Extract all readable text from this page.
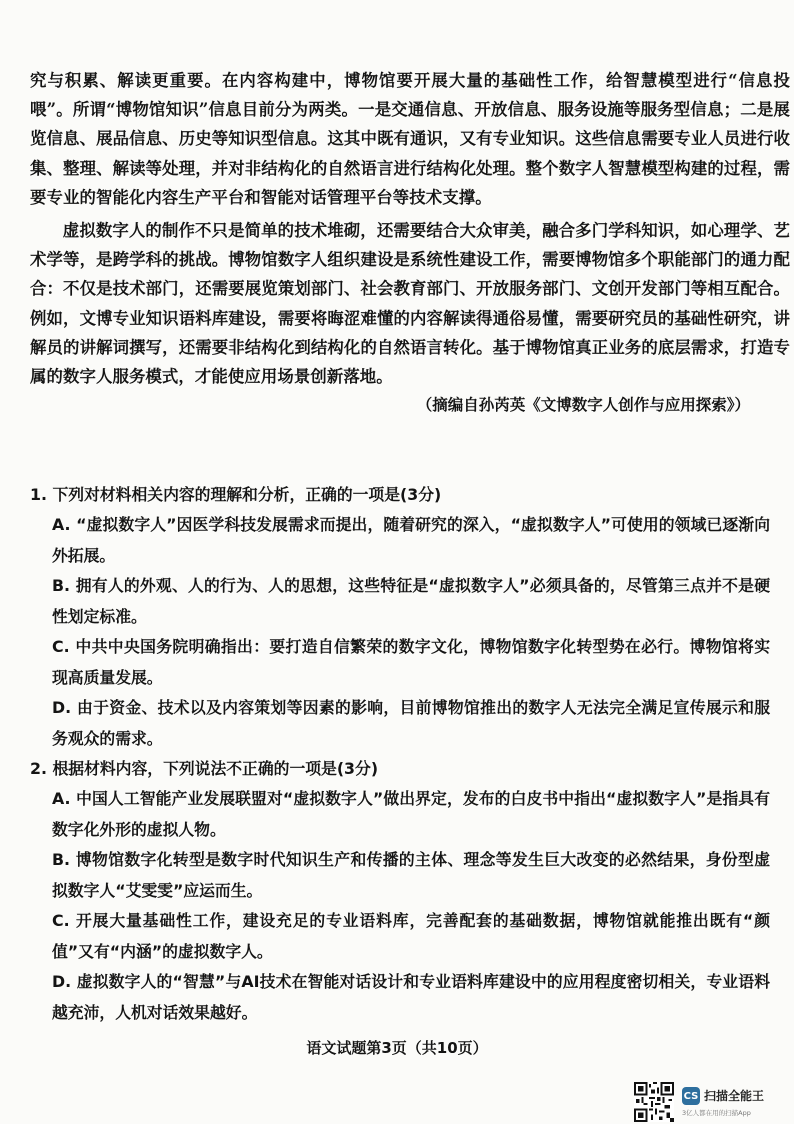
究与积累、解读更重要。在内容构建中，博物馆要开展大量的基础性工作，给智慧模型进行“信息投喂”。所谓“博物馆知识”信息目前分为两类。一是交通信息、开放信息、服务设施等服务型信息；二是展览信息、展品信息、历史等知识型信息。这其中既有通识，又有专业知识。这些信息需要专业人员进行收集、整理、解读等处理，并对非结构化的自然语言进行结构化处理。整个数字人智慧模型构建的过程，需要专业的智能化内容生产平台和智能对话管理平台等技术支撑。

虚拟数字人的制作不只是简单的技术堆砌，还需要结合大众审美，融合多门学科知识，如心理学、艺术学等，是跨学科的挑战。博物馆数字人组织建设是系统性建设工作，需要博物馆多个职能部门的通力配合：不仅是技术部门，还需要展览策划部门、社会教育部门、开放服务部门、文创开发部门等相互配合。例如，文博专业知识语料库建设，需要将晦涩难懂的内容解读得通俗易懂，需要研究员的基础性研究，讲解员的讲解词撰写，还需要非结构化到结构化的自然语言转化。基于博物馆真正业务的底层需求，打造专属的数字人服务模式，才能使应用场景创新落地。

（摘编自孙芮英《文博数字人创作与应用探索》）

1. 下列对材料相关内容的理解和分析，正确的一项是(3分)

A. “虚拟数字人”因医学科技发展需求而提出，随着研究的深入，“虚拟数字人”可使用的领域已逐渐向外拓展。

B. 拥有人的外观、人的行为、人的思想，这些特征是“虚拟数字人”必须具备的，尽管第三点并不是硬性划定标准。

C. 中共中央国务院明确指出：要打造自信繁荣的数字文化，博物馆数字化转型势在必行。博物馆将实现高质量发展。

D. 由于资金、技术以及内容策划等因素的影响，目前博物馆推出的数字人无法完全满足宣传展示和服务观众的需求。

2. 根据材料内容，下列说法不正确的一项是(3分)

A. 中国人工智能产业发展联盟对“虚拟数字人”做出界定，发布的白皮书中指出“虚拟数字人”是指具有数字化外形的虚拟人物。

B. 博物馆数字化转型是数字时代知识生产和传播的主体、理念等发生巨大改变的必然结果，身份型虚拟数字人“艾雯雯”应运而生。

C. 开展大量基础性工作，建设充足的专业语料库，完善配套的基础数据，博物馆就能推出既有“颜值”又有“内涵”的虚拟数字人。

D. 虚拟数字人的“智慧”与AI技术在智能对话设计和专业语料库建设中的应用程度密切相关，专业语料越充沛，人机对话效果越好。

语文试题第3页（共10页）
CS 扫描全能王
3亿人都在用的扫描App
